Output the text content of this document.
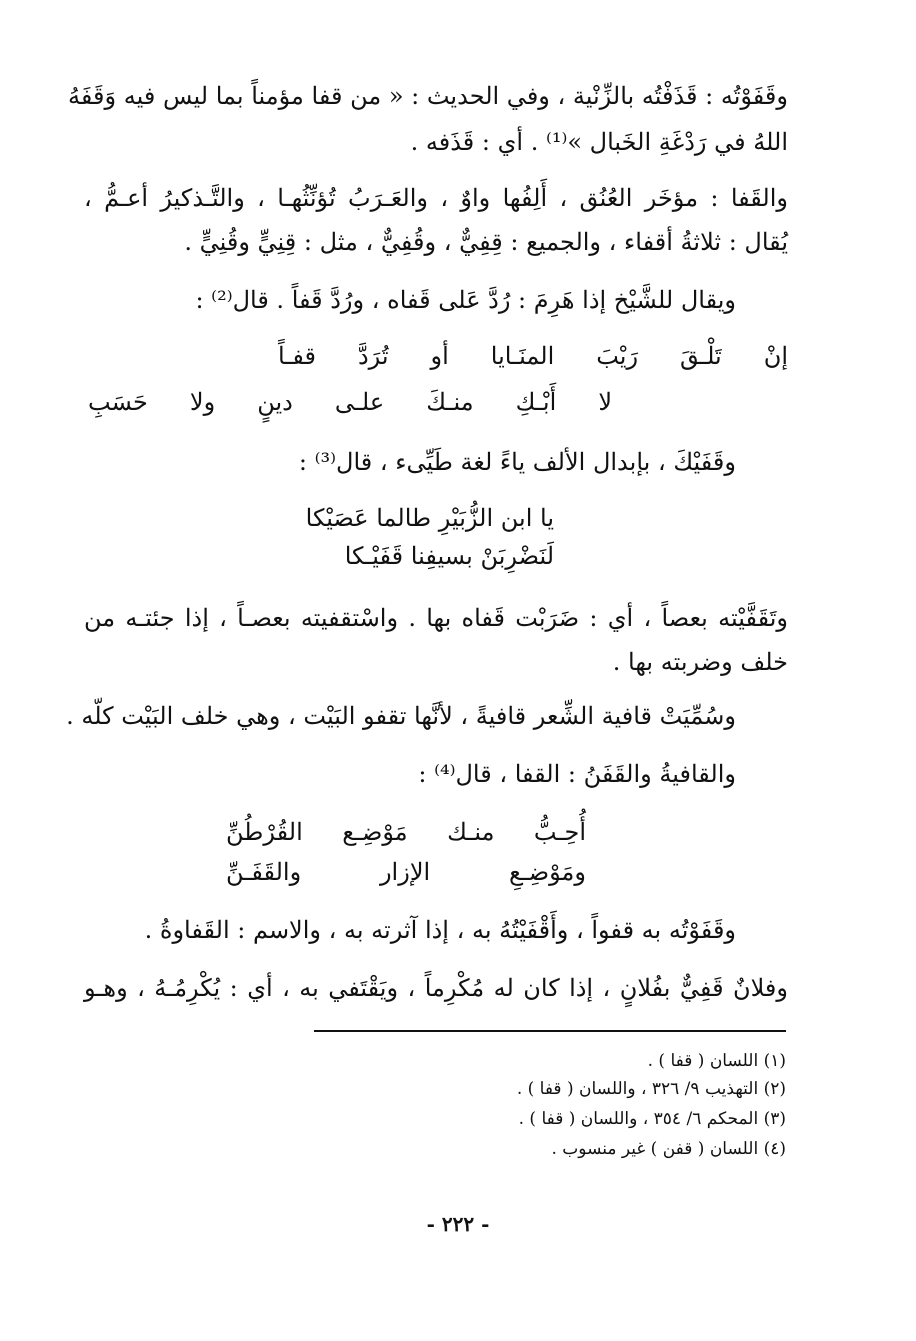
وقَفَوْتُه : قَذَفْتُه بالزِّنْية ، وفي الحديث : « من قفا مؤمناً بما ليس فيه وَقَفَهُ
اللهُ في رَدْغَةِ الخَبال »⁽¹⁾ . أي : قَذَفه .
والقَفا : مؤخَر العُنُق ، أَلِفُها واوٌ ، والعَـرَبُ تُؤنِّثُهـا ، والتَّـذكيرُ أعـمُّ ،
يُقال : ثلاثةُ أقفاء ، والجميع : قِفِيٌّ ، وقُفِيٌّ ، مثل : قِنِيٍّ وقُنِيٍّ .
ويقال للشَّيْخ إذا هَرِمَ : رُدَّ عَلى قَفاه ، ورُدَّ قَفاً . قال⁽²⁾ :
إنْ
تَلْـقَ
رَيْبَ
المنَـايا
أو
تُرَدَّ
قفـاً
لا
أَبْـكِ
منـكَ
علـى
دينٍ
ولا
حَسَبِ
وقَفَيْكَ ، بإبدال الألف ياءً لغة طَيِّىء ، قال⁽³⁾ :
يا ابن الزُّبَيْرِ طالما عَصَيْكا
لَنَضْرِبَنْ بسيفِنا قَفَيْـكا
وتَقَفَّيْته بعصاً ، أي : ضَرَبْت قَفاه بها . واسْتقفيته بعصـاً ، إذا جئتـه من
خلف وضربته بها .
وسُمِّيَتْ قافية الشِّعر قافيةً ، لأنَّها تقفو البَيْت ، وهي خلف البَيْت كلّه .
والقافيةُ والقَفَنُ : القفا ، قال⁽⁴⁾ :
أُحِـبُّ
منـك
مَوْضِـع
القُرْطُنِّ
ومَوْضِـعِ
الإزار
والقَفَـنِّ
وقَفَوْتُه به قفواً ، وأَقْفَيْتُهُ به ، إذا آثرته به ، والاسم : القَفاوةُ .
وفلانٌ قَفِيٌّ بفُلانٍ ، إذا كان له مُكْرِماً ، ويَقْتَفي به ، أي : يُكْرِمُـهُ ، وهـو
(١) اللسان ( قفا ) .
(٢) التهذيب ٩/ ٣٢٦ ، واللسان ( قفا ) .
(٣) المحكم ٦/ ٣٥٤ ، واللسان ( قفا ) .
(٤) اللسان ( قفن ) غير منسوب .
- ٢٢٢ -
